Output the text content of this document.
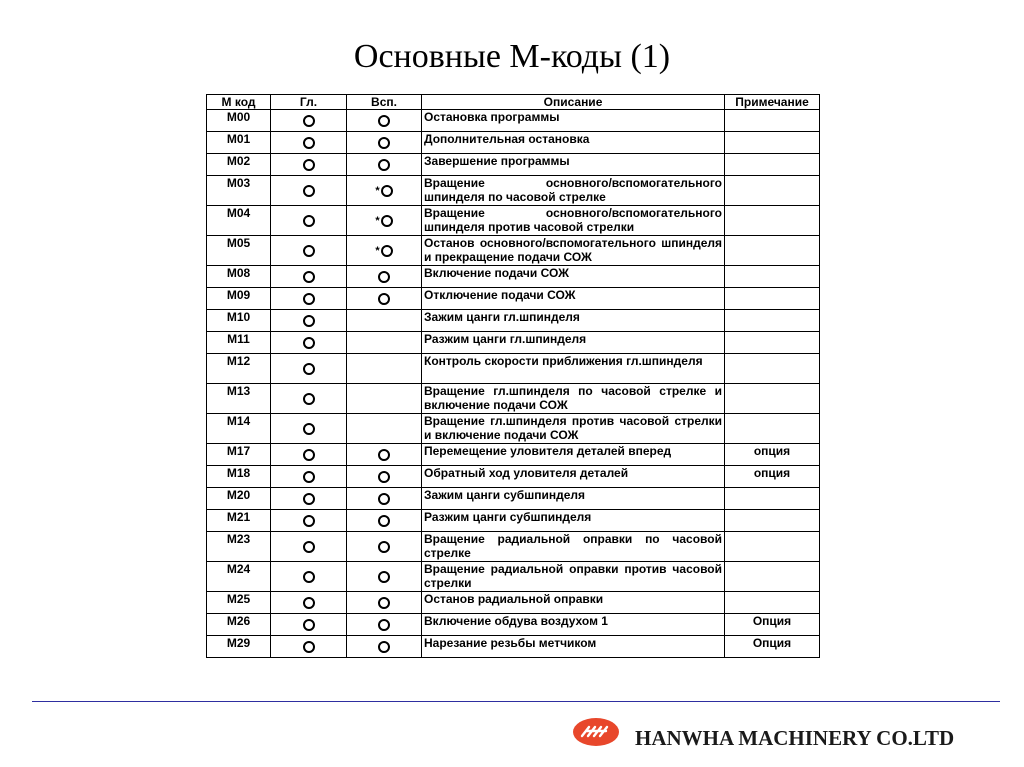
Основные М-коды (1)
М код	Гл.	Всп.	Описание	Примечание
M00			Остановка программы	
M01			Дополнительная остановка	
M02			Завершение программы	
M03		*	Вращение основного/вспомогательного шпинделя по часовой стрелке	
M04		*	Вращение основного/вспомогательного шпинделя против часовой стрелки	
M05		*	Останов основного/вспомогательного шпинделя и прекращение подачи СОЖ	
M08			Включение подачи СОЖ	
M09			Отключение подачи СОЖ	
M10			Зажим цанги гл.шпинделя	
M11			Разжим цанги гл.шпинделя	
M12			Контроль скорости приближения гл.шпинделя	
M13			Вращение гл.шпинделя по часовой стрелке и включение подачи СОЖ	
M14			Вращение гл.шпинделя против часовой стрелки и включение подачи СОЖ	
M17			Перемещение уловителя деталей вперед	опция
M18			Обратный ход уловителя деталей	опция
M20			Зажим цанги субшпинделя	
M21			Разжим цанги субшпинделя	
M23			Вращение радиальной оправки по часовой стрелке	
M24			Вращение радиальной оправки против часовой стрелки	
M25			Останов радиальной оправки	
M26			Включение обдува воздухом 1	Опция
M29			Нарезание резьбы метчиком	Опция
HANWHA MACHINERY CO.LTD
